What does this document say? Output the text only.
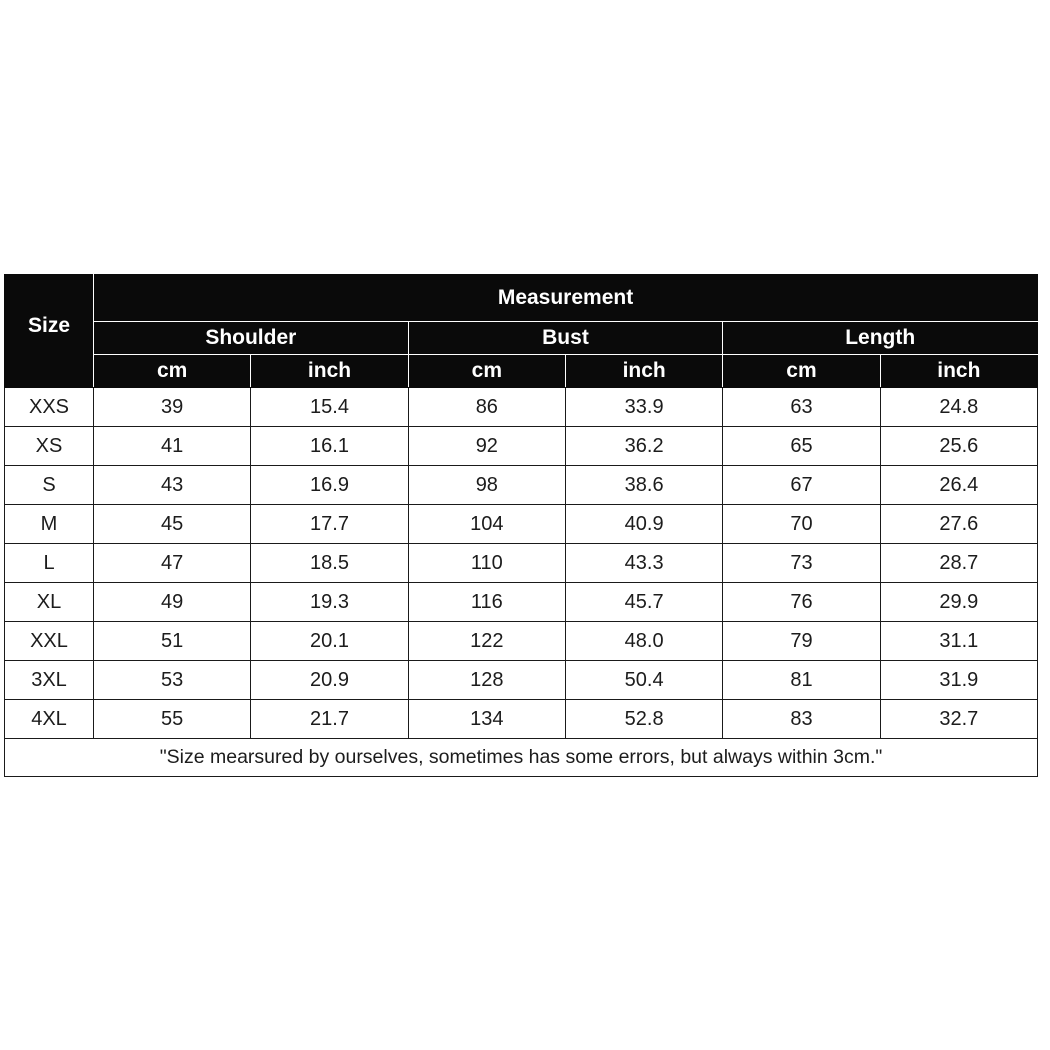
Size	Measurement					
	Shoulder		Bust		Length	
	cm	inch	cm	inch	cm	inch
XXS	39	15.4	86	33.9	63	24.8
XS	41	16.1	92	36.2	65	25.6
S	43	16.9	98	38.6	67	26.4
M	45	17.7	104	40.9	70	27.6
L	47	18.5	110	43.3	73	28.7
XL	49	19.3	116	45.7	76	29.9
XXL	51	20.1	122	48.0	79	31.1
3XL	53	20.9	128	50.4	81	31.9
4XL	55	21.7	134	52.8	83	32.7
"Size mearsured by ourselves, sometimes has some errors, but always within 3cm."						
